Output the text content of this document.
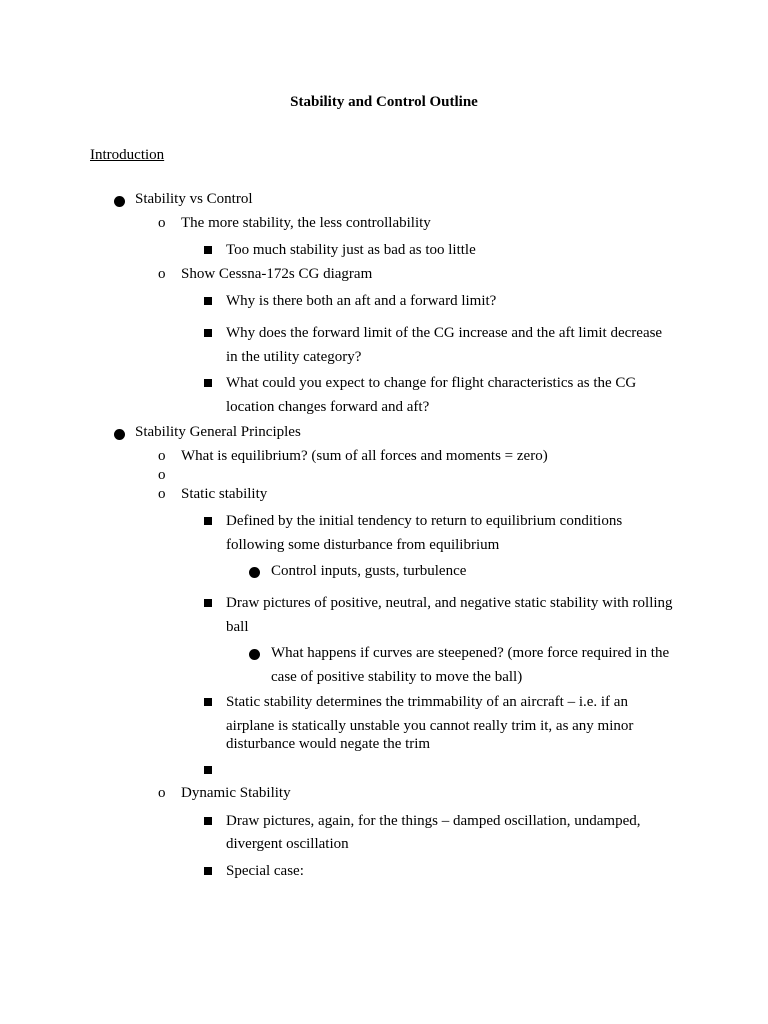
Stability and Control Outline
Introduction
Stability vs Control
o The more stability, the less controllability
Too much stability just as bad as too little
o Show Cessna-172s CG diagram
Why is there both an aft and a forward limit?
Why does the forward limit of the CG increase and the aft limit decrease
in the utility category?
What could you expect to change for flight characteristics as the CG
location changes forward and aft?
Stability General Principles
o What is equilibrium? (sum of all forces and moments = zero)
o
o Static stability
Defined by the initial tendency to return to equilibrium conditions
following some disturbance from equilibrium
Control inputs, gusts, turbulence
Draw pictures of positive, neutral, and negative static stability with rolling
ball
What happens if curves are steepened? (more force required in the
case of positive stability to move the ball)
Static stability determines the trimmability of an aircraft – i.e. if an
airplane is statically unstable you cannot really trim it, as any minor
disturbance would negate the trim
o Dynamic Stability
Draw pictures, again, for the things – damped oscillation, undamped,
divergent oscillation
Special case:
